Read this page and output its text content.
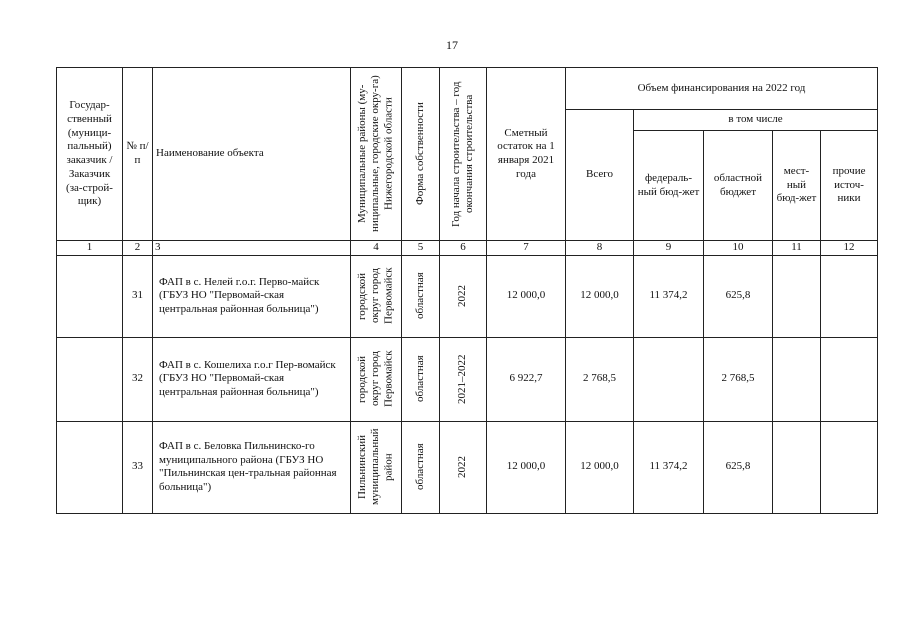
17
Государ-ственный (муници-пальный) заказчик / Заказчик (за-строй-щик)	№ п/п	Наименование объекта	Муниципальные районы (му-ниципальные, городские окру-га) Нижегородской области	Форма собственности	Год начала строительства – год окончания строительства	Сметный остаток на 1 января 2021 года	Объем финансирования на 2022 год				
							Всего	в том числе			
								федераль-ный бюд-жет	областной бюджет	мест-ный бюд-жет	прочие источ-ники
1	2	3	4	5	6	7	8	9	10	11	12
	31	ФАП в с. Нелей г.о.г. Перво-майск (ГБУЗ НО "Первомай-ская центральная районная больница")	городской округ город Первомайск	областная	2022	12 000,0	12 000,0	11 374,2	625,8		
	32	ФАП в с. Кошелиха г.о.г Пер-вомайск (ГБУЗ НО "Первомай-ская центральная районная больница")	городской округ город Первомайск	областная	2021–2022	6 922,7	2 768,5		2 768,5		
	33	ФАП в с. Беловка Пильнинско-го муниципального района (ГБУЗ НО "Пильнинская цен-тральная районная больница")	Пильнинский муниципальный район	областная	2022	12 000,0	12 000,0	11 374,2	625,8		
